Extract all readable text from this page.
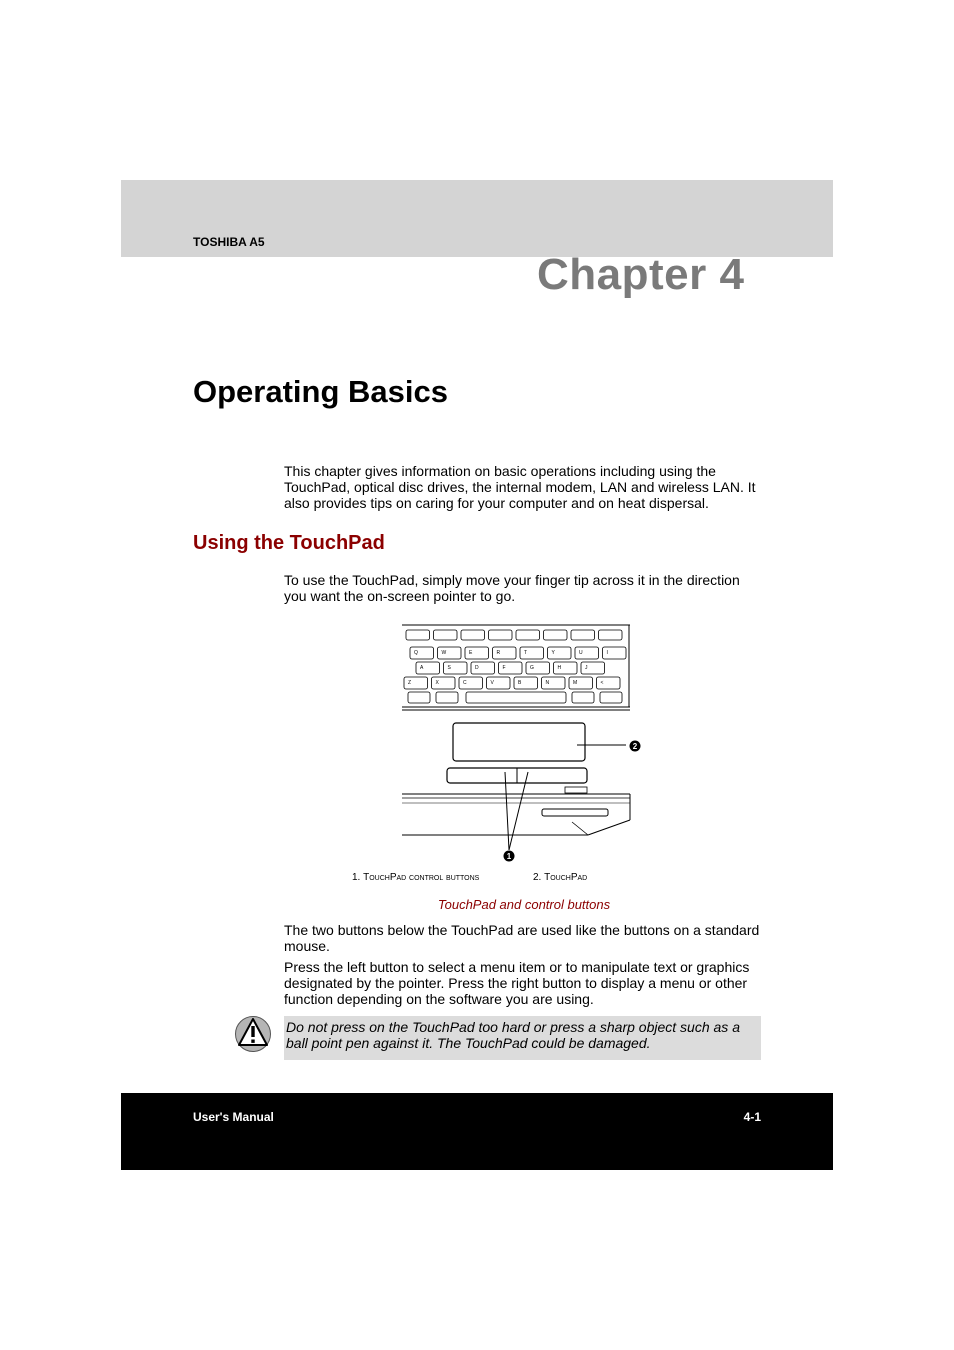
TOSHIBA A5
Chapter 4
Operating Basics

This chapter gives information on basic operations including using the TouchPad, optical disc drives, the internal modem, LAN and wireless LAN. It also provides tips on caring for your computer and on heat dispersal.

Using the TouchPad

To use the TouchPad, simply move your finger tip across it in the direction you want the on-screen pointer to go.

Q	W	E	R	T	Y	U	I
A	S	D	F	G	H	J
Z	X	C	V	B	N	M	<
2
1
1. TouchPad control buttons	2. TouchPad
TouchPad and control buttons

The two buttons below the TouchPad are used like the buttons on a standard mouse.

Press the left button to select a menu item or to manipulate text or graphics designated by the pointer. Press the right button to display a menu or other function depending on the software you are using.

Do not press on the TouchPad too hard or press a sharp object such as a ball point pen against it. The TouchPad could be damaged.
User's Manual	4-1
